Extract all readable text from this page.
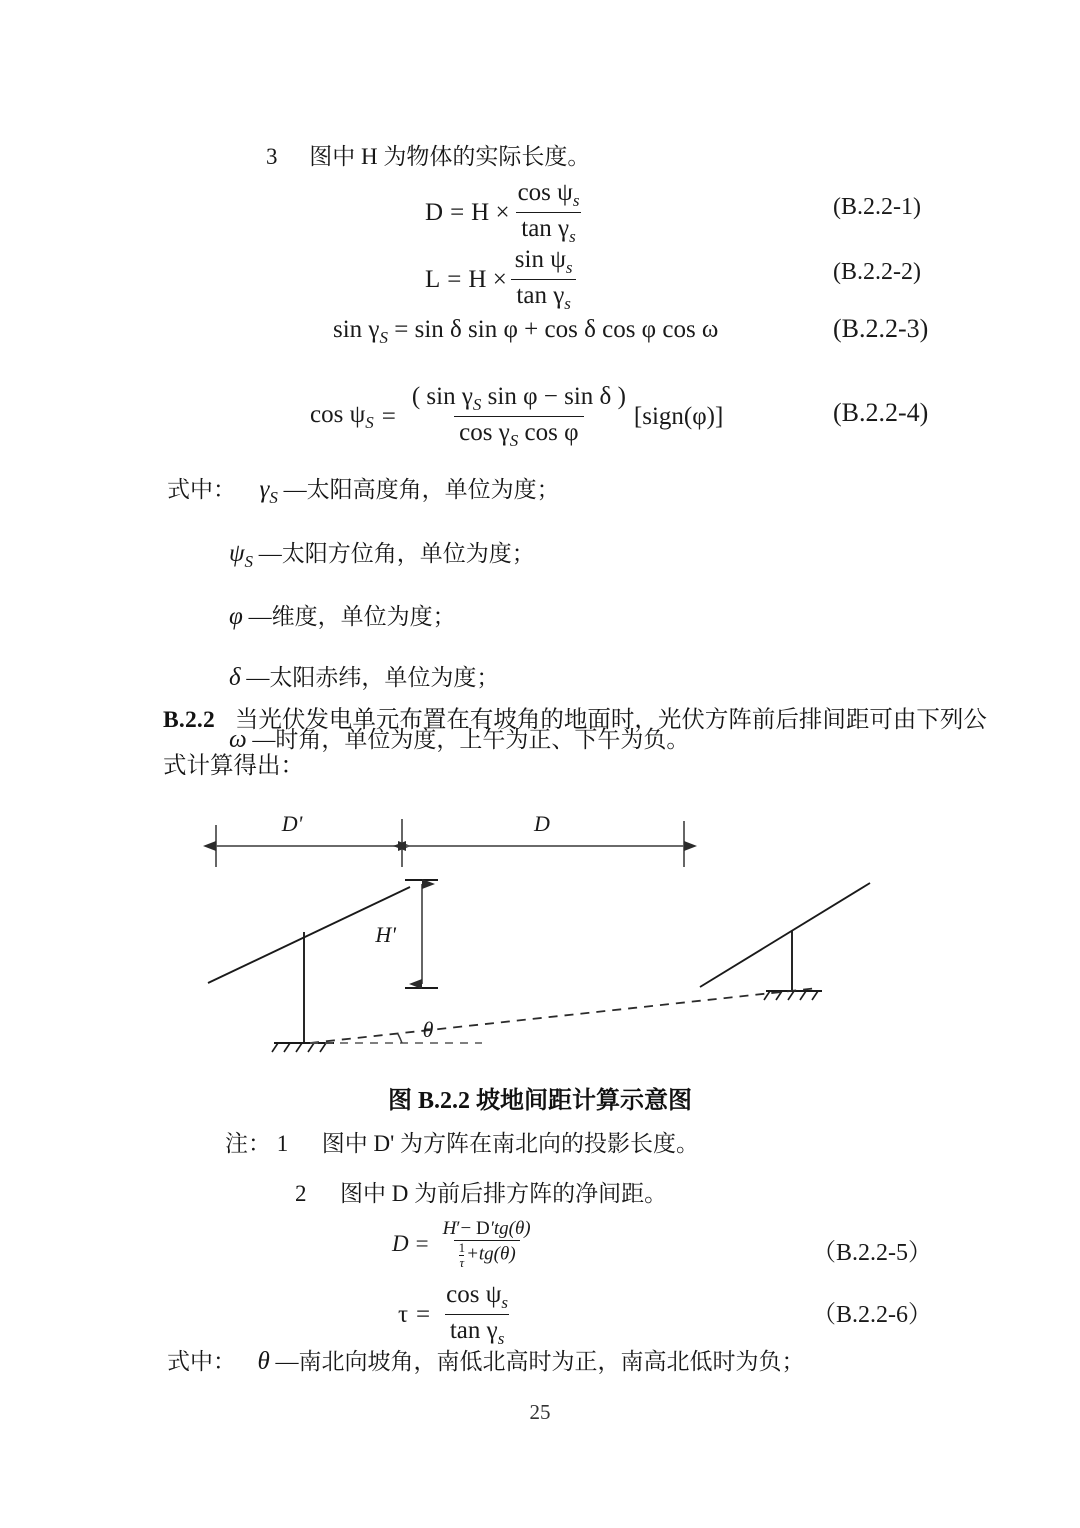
3 图中 H 为物体的实际长度。
$D = H \times \frac{\cos \psi_s}{\tan \gamma_s}$	(B.2.2-1)
$L = H \times \frac{\sin \psi_s}{\tan \gamma_s}$	(B.2.2-2)
$\sin \gamma_S = \sin \delta$ sin φ + cos δ cos φ cos ω	(B.2.2-3)
$\cos \psi_S = \frac{( \sin \gamma_S \sin \varphi - \sin \delta )}{\cos \gamma_S \cos \varphi}$ [sign(φ)]	(B.2.2-4)
式中： $\gamma_S$ —太阳高度角，单位为度；
$\psi_S$ —太阳方位角，单位为度；
φ —维度，单位为度；
δ —太阳赤纬，单位为度；
ω —时角，单位为度，上午为正、下午为负。
B.2.2 当光伏发电单元布置在有坡角的地面时，光伏方阵前后排间距可由下列公
式计算得出：
D'	D
H'
θ
图 B.2.2 坡地间距计算示意图
注： 1 图中 D' 为方阵在南北向的投影长度。
2 图中 D 为前后排方阵的净间距。
$D = \frac{H'- D'tg(\theta)}{\frac{1}{\tau} +tg(\theta)}$	（B.2.2-5）
$\tau = \frac{\cos \psi_s}{\tan \gamma_s}$	（B.2.2-6）
式中： θ —南北向坡角，南低北高时为正，南高北低时为负；
25
